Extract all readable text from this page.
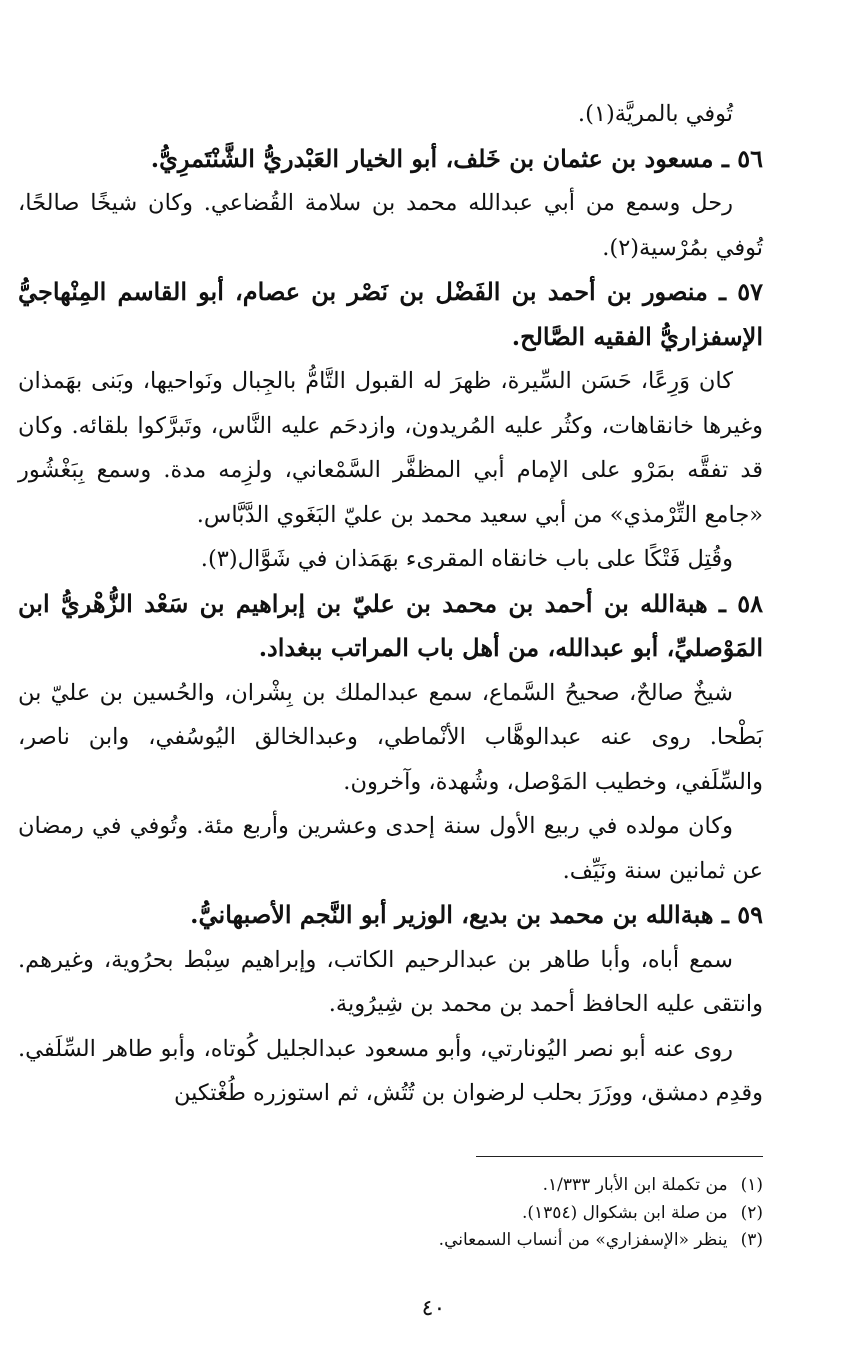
تُوفي بالمريَّة(١).

٥٦ ـ مسعود بن عثمان بن خَلف، أبو الخيار العَبْدريُّ الشَّنْتَمرِيُّ.

رحل وسمع من أبي عبدالله محمد بن سلامة القُضاعي. وكان شيخًا صالحًا، تُوفي بمُرْسية(٢).

٥٧ ـ منصور بن أحمد بن الفَضْل بن نَصْر بن عصام، أبو القاسم المِنْهاجيُّ الإسفزاريُّ الفقيه الصَّالح.

كان وَرِعًا، حَسَن السِّيرة، ظهرَ له القبول التَّامُّ بالجِبال ونَواحيها، وبَنى بهَمذان وغيرها خانقاهات، وكثُر عليه المُريدون، وازدحَم عليه النَّاس، وتَبرَّكوا بلقائه. وكان قد تفقَّه بمَرْو على الإمام أبي المظفَّر السَّمْعاني، ولزِمه مدة. وسمع بِبَغْشُور «جامع التِّرْمذي» من أبي سعيد محمد بن عليّ البَغَوي الدَّبَّاس.

وقُتِل فَتْكًا على باب خانقاه المقرىء بهَمَذان في شَوَّال(٣).

٥٨ ـ هبةالله بن أحمد بن محمد بن عليّ بن إبراهيم بن سَعْد الزُّهْريُّ ابن المَوْصليِّ، أبو عبدالله، من أهل باب المراتب ببغداد.

شيخٌ صالحٌ، صحيحُ السَّماع، سمع عبدالملك بن بِشْران، والحُسين بن عليّ بن بَطْحا. روى عنه عبدالوهَّاب الأنْماطي، وعبدالخالق اليُوسُفي، وابن ناصر، والسِّلَفي، وخطيب المَوْصل، وشُهدة، وآخرون.

وكان مولده في ربيع الأول سنة إحدى وعشرين وأربع مئة. وتُوفي في رمضان عن ثمانين سنة ونَيِّف.

٥٩ ـ هبةالله بن محمد بن بديع، الوزير أبو النَّجم الأصبهانيُّ.

سمع أباه، وأبا طاهر بن عبدالرحيم الكاتب، وإبراهيم سِبْط بحرُوية، وغيرهم. وانتقى عليه الحافظ أحمد بن محمد بن شِيرُوية.

روى عنه أبو نصر اليُونارتي، وأبو مسعود عبدالجليل كُوتاه، وأبو طاهر السِّلَفي. وقدِم دمشق، ووزَرَ بحلب لرضوان بن تُتُش، ثم استوزره طُغْتكين

(١) من تكملة ابن الأبار ١/٣٣٣.

(٢) من صلة ابن بشكوال (١٣٥٤).

(٣) ينظر «الإسفزاري» من أنساب السمعاني.

٤٠
